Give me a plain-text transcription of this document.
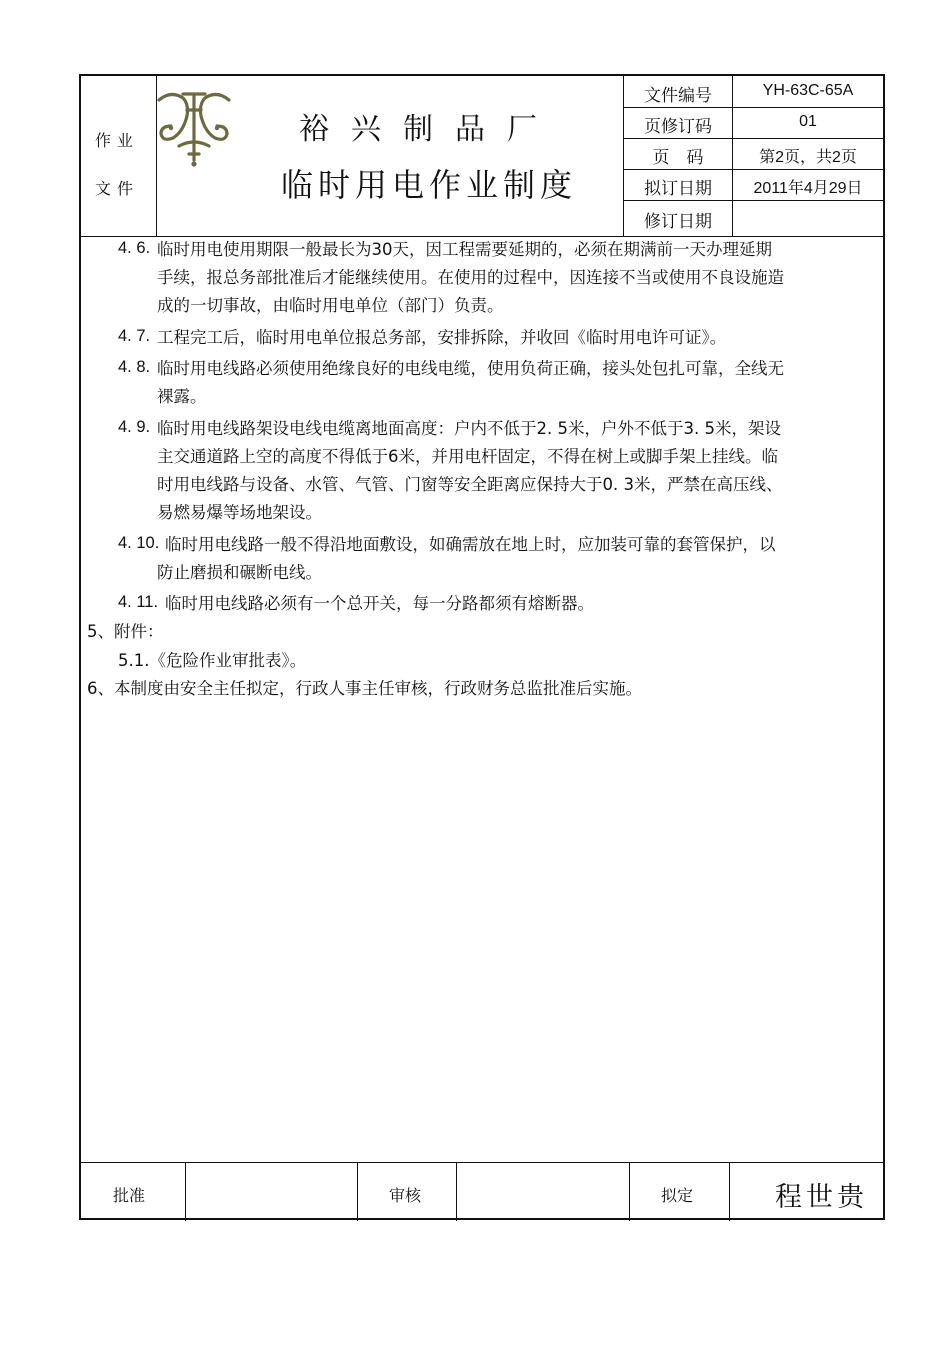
作业
文件
裕兴制品厂
临时用电作业制度
文件编号	YH-63C-65A
页修订码	01
页　码	第2页，共2页
拟订日期	2011年4月29日
修订日期
4. 6. 临时用电使用期限一般最长为30天，因工程需要延期的，必须在期满前一天办理延期
手续，报总务部批准后才能继续使用。在使用的过程中，因连接不当或使用不良设施造
成的一切事故，由临时用电单位（部门）负责。
4. 7. 工程完工后，临时用电单位报总务部，安排拆除，并收回《临时用电许可证》。
4. 8. 临时用电线路必须使用绝缘良好的电线电缆，使用负荷正确，接头处包扎可靠，全线无
裸露。
4. 9. 临时用电线路架设电线电缆离地面高度：户内不低于2. 5米，户外不低于3. 5米，架设
主交通道路上空的高度不得低于6米，并用电杆固定，不得在树上或脚手架上挂线。临
时用电线路与设备、水管、气管、门窗等安全距离应保持大于0. 3米，严禁在高压线、
易燃易爆等场地架设。
4. 10. 临时用电线路一般不得沿地面敷设，如确需放在地上时，应加装可靠的套管保护，以
防止磨损和碾断电线。
4. 11. 临时用电线路必须有一个总开关，每一分路都须有熔断器。
5、附件：
5.1.《危险作业审批表》。
6、本制度由安全主任拟定，行政人事主任审核，行政财务总监批准后实施。
批准	审核	拟定	程世贵
